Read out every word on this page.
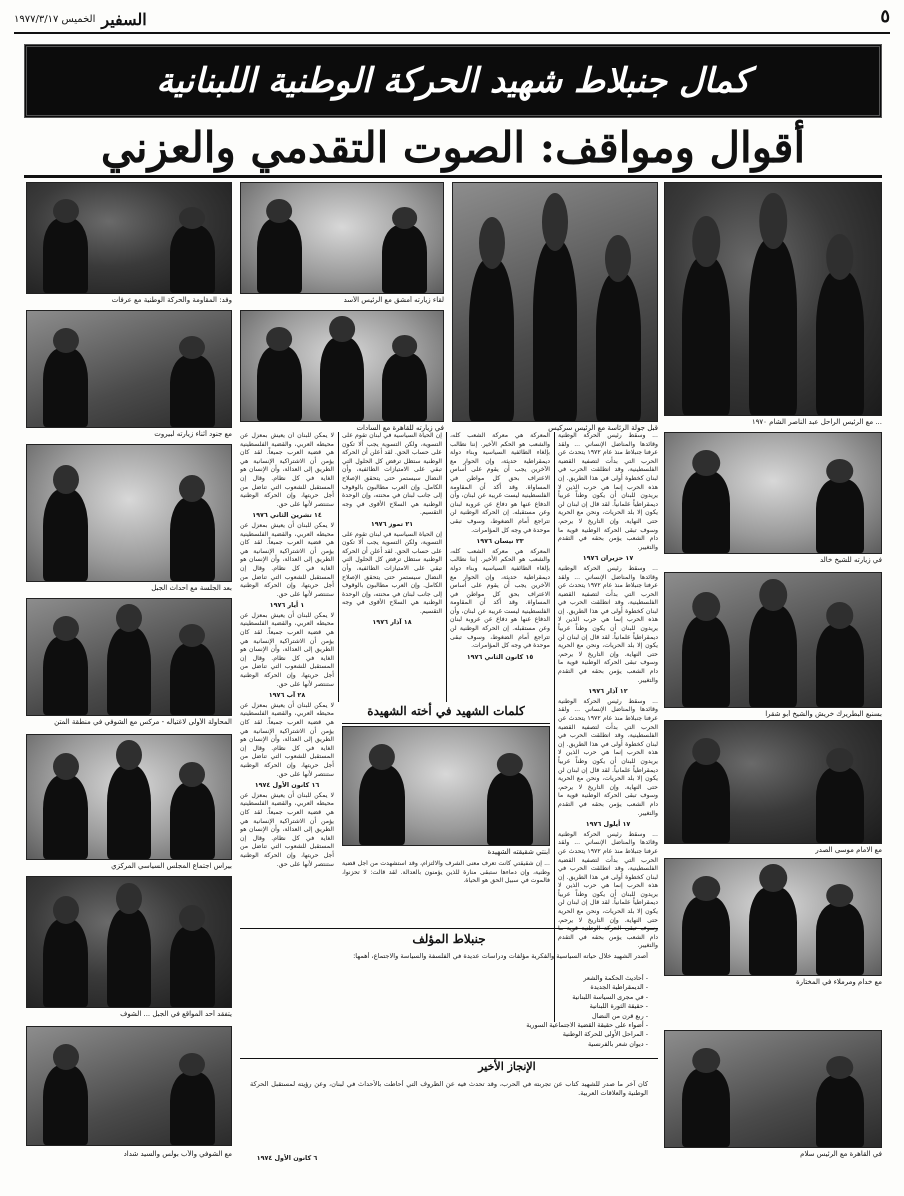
٥
السفير
الخميس ١٩٧٧/٣/١٧
كمال جنبلاط شهيد الحركة الوطنية اللبنانية
أقوال ومواقف: الصوت التقدمي والعزني
... مع الرئيس الراحل عبد الناصر الشام ١٩٧٠
قبل جولة الرئاسة مع الرئيس سركيس
لقاء زيارته أمشق مع الرئيس الأسد
وفد: المقاومة والحركة الوطنية مع عرفات
في زيارته للقاهرة مع السادات
مع جنود أثناء زيارته لبيروت
في زيارته للشيخ خالد
بسنبع البطريرك خريش والشيخ أبو شقرا
مع الامام موسى الصدر
مع خدام ومرملاء في المختارة
في القاهرة مع الرئيس سلام
بعد الجلسة مع أحداث الجبل
المحاولة الأولى لاغتياله - مركس مع الشوفي في منطقة المتن
بيراس اجتماع المجلس السياسي المركزي
يتفقد أحد المواقع في الجبل ... الشوف
مع الشوفي والأب بولس والسيد شداد

... وسقط رئيس الحركة الوطنية وقائدها والمناضل الإنساني ... ولقد عرفنا جنبلاط منذ عام ١٩٧٢ يتحدث عن الحرب التي بدأت لتصفية القضية الفلسطينية، وقد انطلقت الحرب في لبنان كخطوة أولى في هذا الطريق. إن هذه الحرب إنما هي حرب الذين لا يريدون للبنان أن يكون وطناً عربياً ديمقراطياً علمانياً. لقد قال إن لبنان لن يكون إلا بلد الحريات، ونحن مع الحرية حتى النهاية. وإن التاريخ لا يرحم، وسوف تبقى الحركة الوطنية قوية ما دام الشعب يؤمن بحقه في التقدم والتغيير.

١٧ حزيران ١٩٧٦

... وسقط رئيس الحركة الوطنية وقائدها والمناضل الإنساني ... ولقد عرفنا جنبلاط منذ عام ١٩٧٢ يتحدث عن الحرب التي بدأت لتصفية القضية الفلسطينية، وقد انطلقت الحرب في لبنان كخطوة أولى في هذا الطريق. إن هذه الحرب إنما هي حرب الذين لا يريدون للبنان أن يكون وطناً عربياً ديمقراطياً علمانياً. لقد قال إن لبنان لن يكون إلا بلد الحريات، ونحن مع الحرية حتى النهاية. وإن التاريخ لا يرحم، وسوف تبقى الحركة الوطنية قوية ما دام الشعب يؤمن بحقه في التقدم والتغيير.

١٢ آذار ١٩٧٦

... وسقط رئيس الحركة الوطنية وقائدها والمناضل الإنساني ... ولقد عرفنا جنبلاط منذ عام ١٩٧٢ يتحدث عن الحرب التي بدأت لتصفية القضية الفلسطينية، وقد انطلقت الحرب في لبنان كخطوة أولى في هذا الطريق. إن هذه الحرب إنما هي حرب الذين لا يريدون للبنان أن يكون وطناً عربياً ديمقراطياً علمانياً. لقد قال إن لبنان لن يكون إلا بلد الحريات، ونحن مع الحرية حتى النهاية. وإن التاريخ لا يرحم، وسوف تبقى الحركة الوطنية قوية ما دام الشعب يؤمن بحقه في التقدم والتغيير.

١٧ أيلول ١٩٧٦

... وسقط رئيس الحركة الوطنية وقائدها والمناضل الإنساني ... ولقد عرفنا جنبلاط منذ عام ١٩٧٢ يتحدث عن الحرب التي بدأت لتصفية القضية الفلسطينية، وقد انطلقت الحرب في لبنان كخطوة أولى في هذا الطريق. إن هذه الحرب إنما هي حرب الذين لا يريدون للبنان أن يكون وطناً عربياً ديمقراطياً علمانياً. لقد قال إن لبنان لن يكون إلا بلد الحريات، ونحن مع الحرية حتى النهاية. وإن التاريخ لا يرحم، دام الشعب يؤمن بحقه في التقدم والتغيير.

المعركة هي معركة الشعب كله، والشعب هو الحكم الأخير. إننا نطالب بإلغاء الطائفية السياسية وبناء دولة ديمقراطية حديثة، وإن الحوار مع الآخرين يجب أن يقوم على أساس الاعتراف بحق كل مواطن في المساواة. وقد أكد أن المقاومة الفلسطينية ليست غريبة عن لبنان، وأن الدفاع عنها هو دفاع عن عروبة لبنان وعن مستقبله. إن الحركة الوطنية لن تتراجع أمام الضغوط، وسوف تبقى موحدة في وجه كل المؤامرات.

٢٣ نيسان ١٩٧٦

المعركة هي معركة الشعب كله، والشعب هو الحكم الأخير. إننا نطالب بإلغاء الطائفية السياسية وبناء دولة ديمقراطية حديثة، وإن الحوار مع الآخرين يجب أن يقوم على أساس الاعتراف بحق كل مواطن في المساواة. وقد أكد أن المقاومة الفلسطينية ليست غريبة عن لبنان، وأن الدفاع عنها هو دفاع عن عروبة لبنان وعن مستقبله. إن الحركة الوطنية لن تتراجع أمام الضغوط، وسوف تبقى موحدة في وجه كل المؤامرات.

١٥ كانون الثاني ١٩٧٦

إن الحياة السياسية في لبنان تقوم على التسوية، ولكن التسوية يجب ألا تكون على حساب الحق. لقد أعلن أن الحركة الوطنية ستظل ترفض كل الحلول التي تبقي على الامتيازات الطائفية، وأن النضال سيستمر حتى يتحقق الإصلاح الكامل. وإن العرب مطالبون بالوقوف إلى جانب لبنان في محنته، وإن الوحدة الوطنية هي السلاح الأقوى في وجه التقسيم.

٢١ تموز ١٩٧٦

إن الحياة السياسية في لبنان تقوم على التسوية، ولكن التسوية يجب ألا تكون على حساب الحق. لقد أعلن أن الحركة الوطنية ستظل ترفض كل الحلول التي تبقي على الامتيازات الطائفية، وأن النضال سيستمر حتى يتحقق الإصلاح الكامل. وإن العرب مطالبون بالوقوف إلى جانب لبنان في محنته، وإن الوحدة الوطنية هي السلاح الأقوى في وجه التقسيم.

١٨ آذار ١٩٧٦

لا يمكن للبنان أن يعيش بمعزل عن محيطه العربي، والقضية الفلسطينية هي قضية العرب جميعاً. لقد كان يؤمن أن الاشتراكية الإنسانية هي الطريق إلى العدالة، وأن الإنسان هو الغاية في كل نظام. وقال إن المستقبل للشعوب التي تناضل من أجل حريتها، وإن الحركة الوطنية ستنتصر لأنها على حق.

١٤ تشرين الثاني ١٩٧٦

لا يمكن للبنان أن يعيش بمعزل عن محيطه العربي، والقضية الفلسطينية هي قضية العرب جميعاً. لقد كان يؤمن أن الاشتراكية الإنسانية هي الطريق إلى العدالة، وأن الإنسان هو الغاية في كل نظام. وقال إن المستقبل للشعوب التي تناضل من أجل حريتها، وإن الحركة الوطنية ستنتصر لأنها على حق.

١ أيار ١٩٧٦

لا يمكن للبنان أن يعيش بمعزل عن محيطه العربي، والقضية الفلسطينية هي قضية العرب جميعاً. لقد كان يؤمن أن الاشتراكية الإنسانية هي الطريق إلى العدالة، وأن الإنسان هو الغاية في كل نظام. وقال إن المستقبل للشعوب التي تناضل من أجل حريتها، وإن الحركة الوطنية ستنتصر لأنها على حق.

٢٨ آب ١٩٧٦

لا يمكن للبنان أن يعيش بمعزل عن محيطه العربي، والقضية الفلسطينية هي قضية العرب جميعاً. لقد كان يؤمن أن الاشتراكية الإنسانية هي الطريق إلى العدالة، وأن الإنسان هو الغاية في كل نظام. وقال إن المستقبل للشعوب التي تناضل من أجل حريتها، وإن الحركة الوطنية ستنتصر لأنها على حق.

١٦ كانون الأول ١٩٧٤

لا يمكن للبنان أن يعيش بمعزل عن محيطه العربي، والقضية الفلسطينية هي قضية العرب جميعاً. لقد كان يؤمن أن الاشتراكية الإنسانية هي الطريق إلى العدالة، وأن الإنسان هو الغاية في كل نظام. وقال إن المستقبل للشعوب التي تناضل من أجل حريتها، وإن الحركة الوطنية ستنتصر لأنها على حق.

كلمات الشهيد في أخته الشهيدة
ابنتي شقيقته الشهيدة

... إن شقيقتي كانت تعرف معنى الشرف والالتزام، وقد استشهدت من أجل قضية وطنية، وإن دماءها ستبقى منارة للذين يؤمنون بالعدالة. لقد قالت: لا تحزنوا، فالموت في سبيل الحق هو الحياة.

جنبلاط المؤلف

أصدر الشهيد خلال حياته السياسية والفكرية مؤلفات ودراسات عديدة في الفلسفة والسياسة والاجتماع، أهمها:

- أحاديث الحكمة والشعر
- الديمقراطية الجديدة
- في مجرى السياسة اللبنانية
- حقيقة الثورة اللبنانية
- ربع قرن من النضال
- أضواء على حقيقة القضية الاجتماعية السورية
- المراحل الأولى للحركة الوطنية
- ديوان شعر بالفرنسية
الإنجاز الأخير

كان آخر ما صدر للشهيد كتاب عن تجربته في الحرب، وقد تحدث فيه عن الظروف التي أحاطت بالأحداث في لبنان، وعن رؤيته لمستقبل الحركة الوطنية والعلاقات العربية.

٦ كانون الأول ١٩٧٤
